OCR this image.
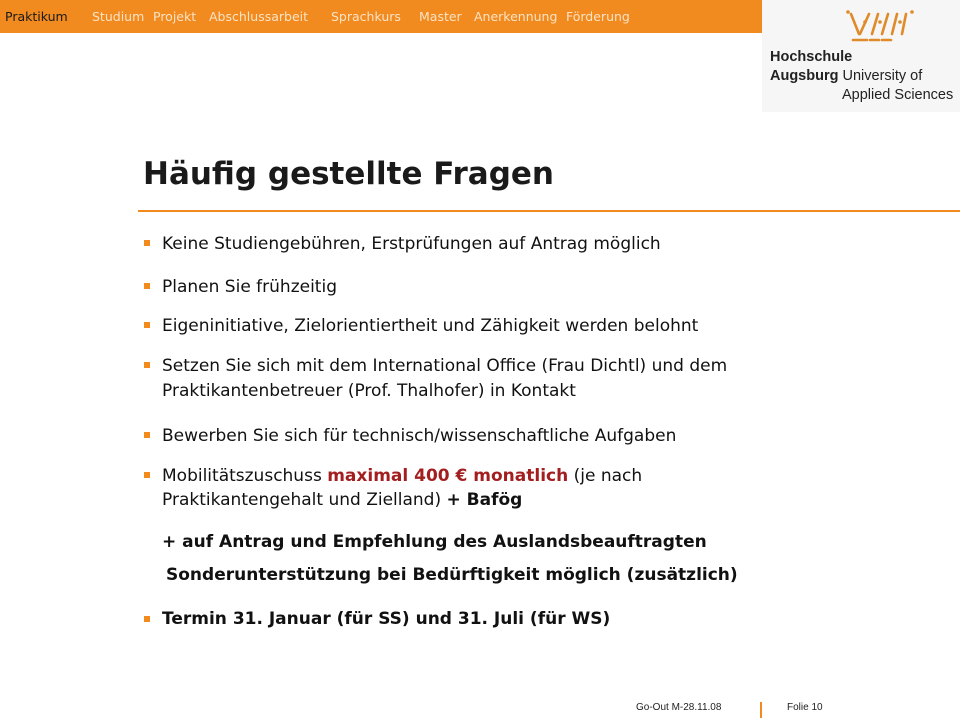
Praktikum Studium Projekt Abschlussarbeit Sprachkurs Master Anerkennung Förderung
Hochschule
Augsburg University of
Applied Sciences
Häufig gestellte Fragen
Keine Studiengebühren, Erstprüfungen auf Antrag möglich
Planen Sie frühzeitig
Eigeninitiative, Zielorientiertheit und Zähigkeit werden belohnt
Setzen Sie sich mit dem International Office (Frau Dichtl) und dem
Praktikantenbetreuer (Prof. Thalhofer) in Kontakt
Bewerben Sie sich für technisch/wissenschaftliche Aufgaben
Mobilitätszuschuss maximal 400 € monatlich (je nach
Praktikantengehalt und Zielland) + Bafög
+ auf Antrag und Empfehlung des Auslandsbeauftragten
Sonderunterstützung bei Bedürftigkeit möglich (zusätzlich)
Termin 31. Januar (für SS) und 31. Juli (für WS)
Go-Out M-28.11.08	Folie 10
